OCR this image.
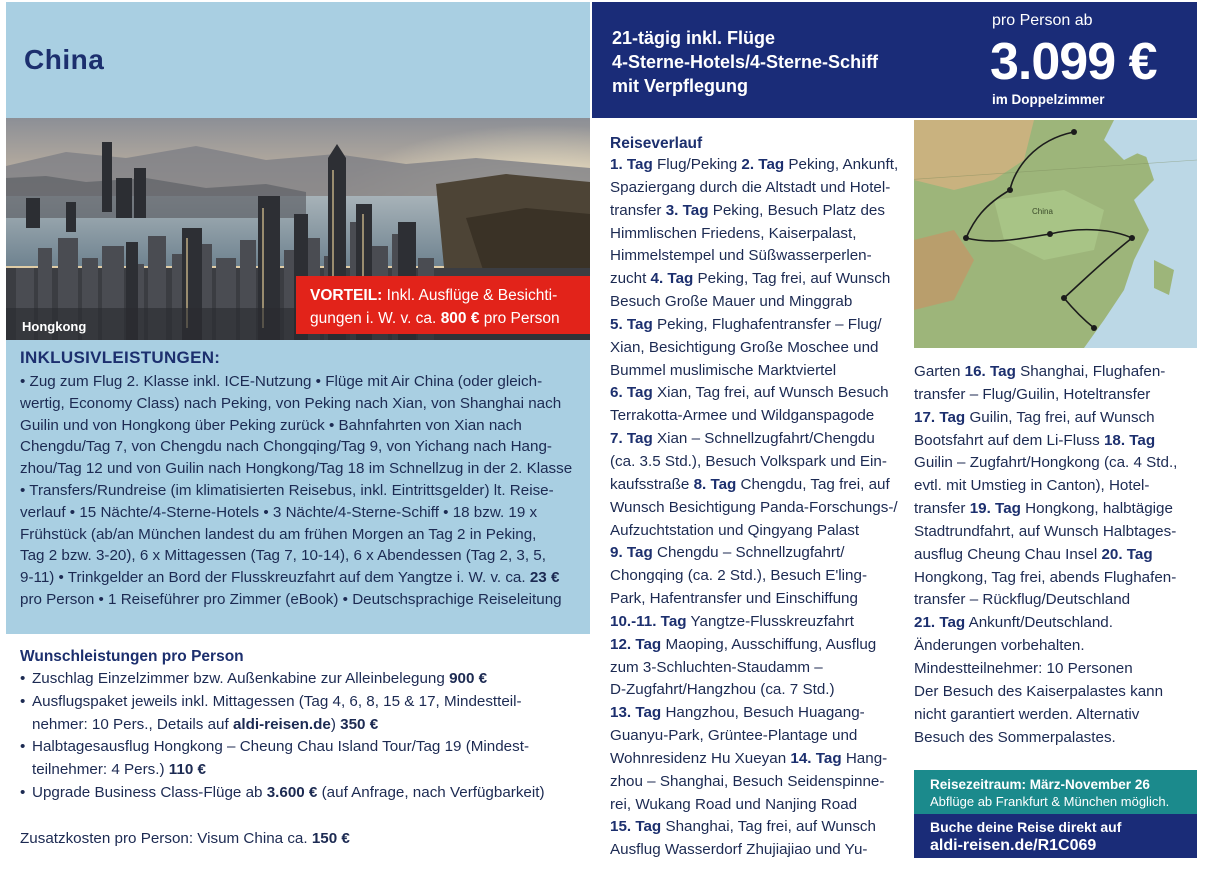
China
Hongkong
VORTEIL: Inkl. Ausflüge & Besichti-
gungen i. W. v. ca. 800 € pro Person
INKLUSIVLEISTUNGEN:

• Zug zum Flug 2. Klasse inkl. ICE-Nutzung • Flüge mit Air China (oder gleich-

wertig, Economy Class) nach Peking, von Peking nach Xian, von Shanghai nach

Guilin und von Hongkong über Peking zurück • Bahnfahrten von Xian nach

Chengdu/Tag 7, von Chengdu nach Chongqing/Tag 9, von Yichang nach Hang-

zhou/Tag 12 und von Guilin nach Hongkong/Tag 18 im Schnellzug in der 2. Klasse

• Transfers/Rundreise (im klimatisierten Reisebus, inkl. Eintrittsgelder) lt. Reise-

verlauf • 15 Nächte/4-Sterne-Hotels • 3 Nächte/4-Sterne-Schiff • 18 bzw. 19 x

Frühstück (ab/an München landest du am frühen Morgen an Tag 2 in Peking,

Tag 2 bzw. 3-20), 6 x Mittagessen (Tag 7, 10-14), 6 x Abendessen (Tag 2, 3, 5,

9-11) • Trinkgelder an Bord der Flusskreuzfahrt auf dem Yangtze i. W. v. ca. 23 €

pro Person • 1 Reiseführer pro Zimmer (eBook) • Deutschsprachige Reiseleitung

Wunschleistungen pro Person
• Zuschlag Einzelzimmer bzw. Außenkabine zur Alleinbelegung 900 €
• Ausflugspaket jeweils inkl. Mittagessen (Tag 4, 6, 8, 15 & 17, Mindestteil-
nehmer: 10 Pers., Details auf aldi-reisen.de) 350 €
• Halbtagesausflug Hongkong – Cheung Chau Island Tour/Tag 19 (Mindest-
teilnehmer: 4 Pers.) 110 €
• Upgrade Business Class-Flüge ab 3.600 € (auf Anfrage, nach Verfügbarkeit)
Zusatzkosten pro Person: Visum China ca. 150 €

21-tägig inkl. Flüge

4-Sterne-Hotels/4-Sterne-Schiff

mit Verpflegung

pro Person ab
3.099 €
im Doppelzimmer
Reiseverlauf
1. Tag Flug/Peking 2. Tag Peking, Ankunft,
Spaziergang durch die Altstadt und Hotel-
transfer 3. Tag Peking, Besuch Platz des
Himmlischen Friedens, Kaiserpalast,
Himmelstempel und Süßwasserperlen-
zucht 4. Tag Peking, Tag frei, auf Wunsch
Besuch Große Mauer und Minggrab
5. Tag Peking, Flughafentransfer – Flug/
Xian, Besichtigung Große Moschee und
Bummel muslimische Marktviertel
6. Tag Xian, Tag frei, auf Wunsch Besuch
Terrakotta-Armee und Wildganspagode
7. Tag Xian – Schnellzugfahrt/Chengdu
(ca. 3.5 Std.), Besuch Volkspark und Ein-
kaufsstraße 8. Tag Chengdu, Tag frei, auf
Wunsch Besichtigung Panda-Forschungs-/
Aufzuchtstation und Qingyang Palast
9. Tag Chengdu – Schnellzugfahrt/
Chongqing (ca. 2 Std.), Besuch E'ling-
Park, Hafentransfer und Einschiffung
10.-11. Tag Yangtze-Flusskreuzfahrt
12. Tag Maoping, Ausschiffung, Ausflug
zum 3-Schluchten-Staudamm –
D-Zugfahrt/Hangzhou (ca. 7 Std.)
13. Tag Hangzhou, Besuch Huagang-
Guanyu-Park, Grüntee-Plantage und
Wohnresidenz Hu Xueyan 14. Tag Hang-
zhou – Shanghai, Besuch Seidenspinne-
rei, Wukang Road und Nanjing Road
15. Tag Shanghai, Tag frei, auf Wunsch
Ausflug Wasserdorf Zhujiajiao und Yu-
China
Garten 16. Tag Shanghai, Flughafen-
transfer – Flug/Guilin, Hoteltransfer
17. Tag Guilin, Tag frei, auf Wunsch
Bootsfahrt auf dem Li-Fluss 18. Tag
Guilin – Zugfahrt/Hongkong (ca. 4 Std.,
evtl. mit Umstieg in Canton), Hotel-
transfer 19. Tag Hongkong, halbtägige
Stadtrundfahrt, auf Wunsch Halbtages-
ausflug Cheung Chau Insel 20. Tag
Hongkong, Tag frei, abends Flughafen-
transfer – Rückflug/Deutschland
21. Tag Ankunft/Deutschland.
Änderungen vorbehalten.
Mindestteilnehmer: 10 Personen
Der Besuch des Kaiserpalastes kann
nicht garantiert werden. Alternativ
Besuch des Sommerpalastes.
Reisezeitraum: März-November 26
Abflüge ab Frankfurt & München möglich.
Buche deine Reise direkt auf
aldi-reisen.de/R1C069
